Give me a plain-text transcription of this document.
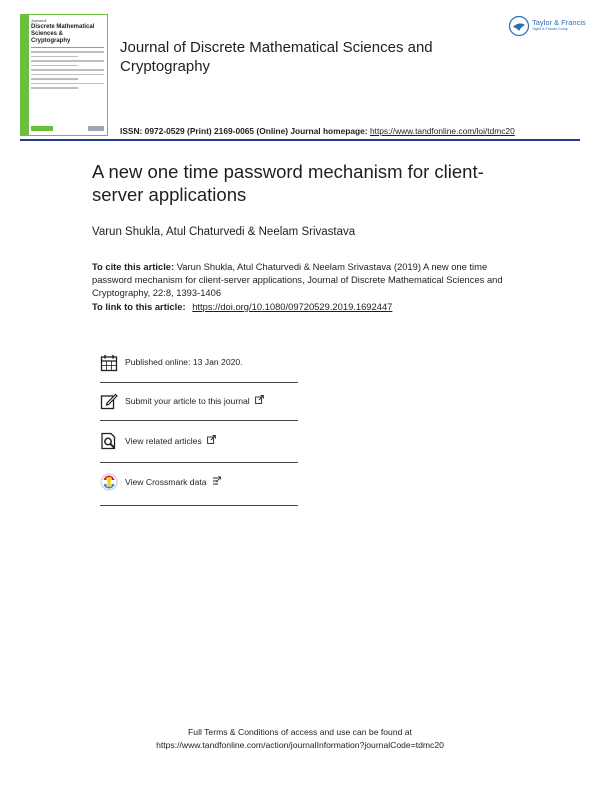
Journal of
Discrete Mathematical
Sciences & Cryptography	Journal of Discrete Mathematical Sciences and Cryptography
ISSN: 0972-0529 (Print) 2169-0065 (Online) Journal homepage: https://www.tandfonline.com/loi/tdmc20
Taylor & Francis
Taylor & Francis Group
A new one time password mechanism for client-server applications
Varun Shukla, Atul Chaturvedi & Neelam Srivastava
To cite this article: Varun Shukla, Atul Chaturvedi & Neelam Srivastava (2019) A new one time password mechanism for client-server applications, Journal of Discrete Mathematical Sciences and Cryptography, 22:8, 1393-1406
To link to this article: https://doi.org/10.1080/09720529.2019.1692447
Published online: 13 Jan 2020.
Submit your article to this journal
View related articles
View Crossmark data
Full Terms & Conditions of access and use can be found at
https://www.tandfonline.com/action/journalInformation?journalCode=tdmc20
